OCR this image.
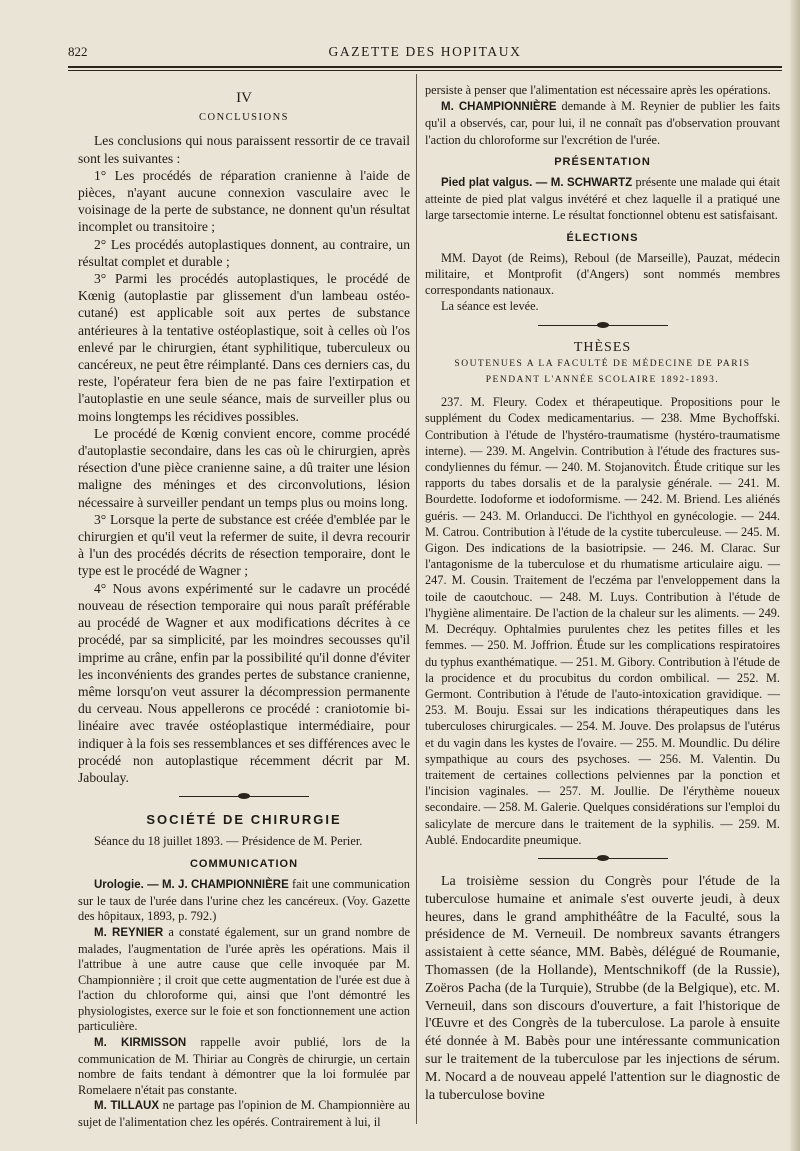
822	GAZETTE DES HOPITAUX

IV

CONCLUSIONS

Les conclusions qui nous paraissent ressortir de ce travail sont les suivantes :

1° Les procédés de réparation cranienne à l'aide de pièces, n'ayant aucune connexion vasculaire avec le voisinage de la perte de substance, ne donnent qu'un résultat incomplet ou transitoire ;

2° Les procédés autoplastiques donnent, au contraire, un résultat complet et durable ;

3° Parmi les procédés autoplastiques, le procédé de Kœnig (autoplastie par glissement d'un lambeau ostéo-cutané) est applicable soit aux pertes de substance antérieures à la tentative ostéoplastique, soit à celles où l'os enlevé par le chirurgien, étant syphilitique, tuberculeux ou cancéreux, ne peut être réimplanté. Dans ces derniers cas, du reste, l'opérateur fera bien de ne pas faire l'extirpation et l'autoplastie en une seule séance, mais de surveiller plus ou moins longtemps les récidives possibles.

Le procédé de Kœnig convient encore, comme procédé d'autoplastie secondaire, dans les cas où le chirurgien, après résection d'une pièce cranienne saine, a dû traiter une lésion maligne des méninges et des circonvolutions, lésion nécessaire à surveiller pendant un temps plus ou moins long.

3° Lorsque la perte de substance est créée d'emblée par le chirurgien et qu'il veut la refermer de suite, il devra recourir à l'un des procédés décrits de résection temporaire, dont le type est le procédé de Wagner ;

4° Nous avons expérimenté sur le cadavre un procédé nouveau de résection temporaire qui nous paraît préférable au procédé de Wagner et aux modifications décrites à ce procédé, par sa simplicité, par les moindres secousses qu'il imprime au crâne, enfin par la possibilité qu'il donne d'éviter les inconvénients des grandes pertes de substance cranienne, même lorsqu'on veut assurer la décompression permanente du cerveau. Nous appellerons ce procédé : craniotomie bi-linéaire avec travée ostéoplastique intermédiaire, pour indiquer à la fois ses ressemblances et ses différences avec le procédé non autoplastique récemment décrit par M. Jaboulay.

SOCIÉTÉ DE CHIRURGIE

Séance du 18 juillet 1893. — Présidence de M. Perier.

COMMUNICATION

Urologie. — M. J. CHAMPIONNIÈRE fait une communication sur le taux de l'urée dans l'urine chez les cancéreux. (Voy. Gazette des hôpitaux, 1893, p. 792.)

M. REYNIER a constaté également, sur un grand nombre de malades, l'augmentation de l'urée après les opérations. Mais il l'attribue à une autre cause que celle invoquée par M. Championnière ; il croit que cette augmentation de l'urée est due à l'action du chloroforme qui, ainsi que l'ont démontré les physiologistes, exerce sur le foie et son fonctionnement une action particulière.

M. KIRMISSON rappelle avoir publié, lors de la communication de M. Thiriar au Congrès de chirurgie, un certain nombre de faits tendant à démontrer que la loi formulée par Romelaere n'était pas constante.

M. TILLAUX ne partage pas l'opinion de M. Championnière au sujet de l'alimentation chez les opérés. Contrairement à lui, il

persiste à penser que l'alimentation est nécessaire après les opérations.

M. CHAMPIONNIÈRE demande à M. Reynier de publier les faits qu'il a observés, car, pour lui, il ne connaît pas d'observation prouvant l'action du chloroforme sur l'excrétion de l'urée.

PRÉSENTATION

Pied plat valgus. — M. SCHWARTZ présente une malade qui était atteinte de pied plat valgus invétéré et chez laquelle il a pratiqué une large tarsectomie interne. Le résultat fonctionnel obtenu est satisfaisant.

ÉLECTIONS

MM. Dayot (de Reims), Reboul (de Marseille), Pauzat, médecin militaire, et Montprofit (d'Angers) sont nommés membres correspondants nationaux.

La séance est levée.

THÈSES

SOUTENUES A LA FACULTÉ DE MÉDECINE DE PARIS

PENDANT L'ANNÉE SCOLAIRE 1892-1893.

237. M. Fleury. Codex et thérapeutique. Propositions pour le supplément du Codex medicamentarius. — 238. Mme Bychoffski. Contribution à l'étude de l'hystéro-traumatisme (hystéro-traumatisme interne). — 239. M. Angelvin. Contribution à l'étude des fractures sus-condyliennes du fémur. — 240. M. Stojanovitch. Étude critique sur les rapports du tabes dorsalis et de la paralysie générale. — 241. M. Bourdette. Iodoforme et iodoformisme. — 242. M. Briend. Les aliénés guéris. — 243. M. Orlanducci. De l'ichthyol en gynécologie. — 244. M. Catrou. Contribution à l'étude de la cystite tuberculeuse. — 245. M. Gigon. Des indications de la basiotripsie. — 246. M. Clarac. Sur l'antagonisme de la tuberculose et du rhumatisme articulaire aigu. — 247. M. Cousin. Traitement de l'eczéma par l'enveloppement dans la toile de caoutchouc. — 248. M. Luys. Contribution à l'étude de l'hygiène alimentaire. De l'action de la chaleur sur les aliments. — 249. M. Decréquy. Ophtalmies purulentes chez les petites filles et les femmes. — 250. M. Joffrion. Étude sur les complications respiratoires du typhus exanthématique. — 251. M. Gibory. Contribution à l'étude de la procidence et du procubitus du cordon ombilical. — 252. M. Germont. Contribution à l'étude de l'auto-intoxication gravidique. — 253. M. Bouju. Essai sur les indications thérapeutiques dans les tuberculoses chirurgicales. — 254. M. Jouve. Des prolapsus de l'utérus et du vagin dans les kystes de l'ovaire. — 255. M. Moundlic. Du délire sympathique au cours des psychoses. — 256. M. Valentin. Du traitement de certaines collections pelviennes par la ponction et l'incision vaginales. — 257. M. Joullie. De l'érythème noueux secondaire. — 258. M. Galerie. Quelques considérations sur l'emploi du salicylate de mercure dans le traitement de la syphilis. — 259. M. Aublé. Endocardite pneumique.

La troisième session du Congrès pour l'étude de la tuberculose humaine et animale s'est ouverte jeudi, à deux heures, dans le grand amphithéâtre de la Faculté, sous la présidence de M. Verneuil. De nombreux savants étrangers assistaient à cette séance, MM. Babès, délégué de Roumanie, Thomassen (de la Hollande), Mentschnikoff (de la Russie), Zoëros Pacha (de la Turquie), Strubbe (de la Belgique), etc. M. Verneuil, dans son discours d'ouverture, a fait l'historique de l'Œuvre et des Congrès de la tuberculose. La parole à ensuite été donnée à M. Babès pour une intéressante communication sur le traitement de la tuberculose par les injections de sérum. M. Nocard a de nouveau appelé l'attention sur le diagnostic de la tuberculose bovine
